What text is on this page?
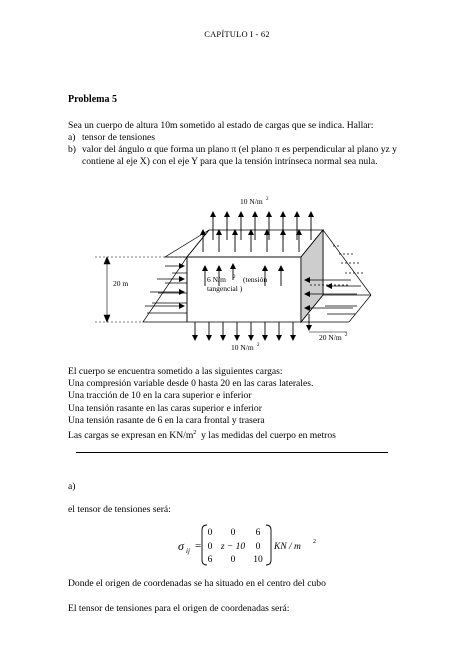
CAPÍTULO I - 62
Problema 5
Sea un cuerpo de altura 10m sometido al estado de cargas que se indica. Hallar:
a) tensor de tensiones
b) valor del ángulo α que forma un plano π (el plano π es perpendicular al plano yz y
contiene al eje X) con el eje Y para que la tensión intrínseca normal sea nula.
10 N/m 2
20 m	6 N/m 2 (tensión
tangencial )
10 N/m 2
20 N/m 2
El cuerpo se encuentra sometido a las siguientes cargas:
Una compresión variable desde 0 hasta 20 en las caras laterales.
Una tracción de 10 en la cara superior e inferior
Una tensión rasante en las caras superior e inferior
Una tensión rasante de 6 en la cara frontal y trasera
Las cargas se expresan en $KN/m^2$  y las medidas del cuerpo en metros
a)
el tensor de tensiones será:
σ ij =
0 0 6
0 z − 10 0
6 0 10
KN / m 2
Donde el origen de coordenadas se ha situado en el centro del cubo
El tensor de tensiones para el origen de coordenadas será:
